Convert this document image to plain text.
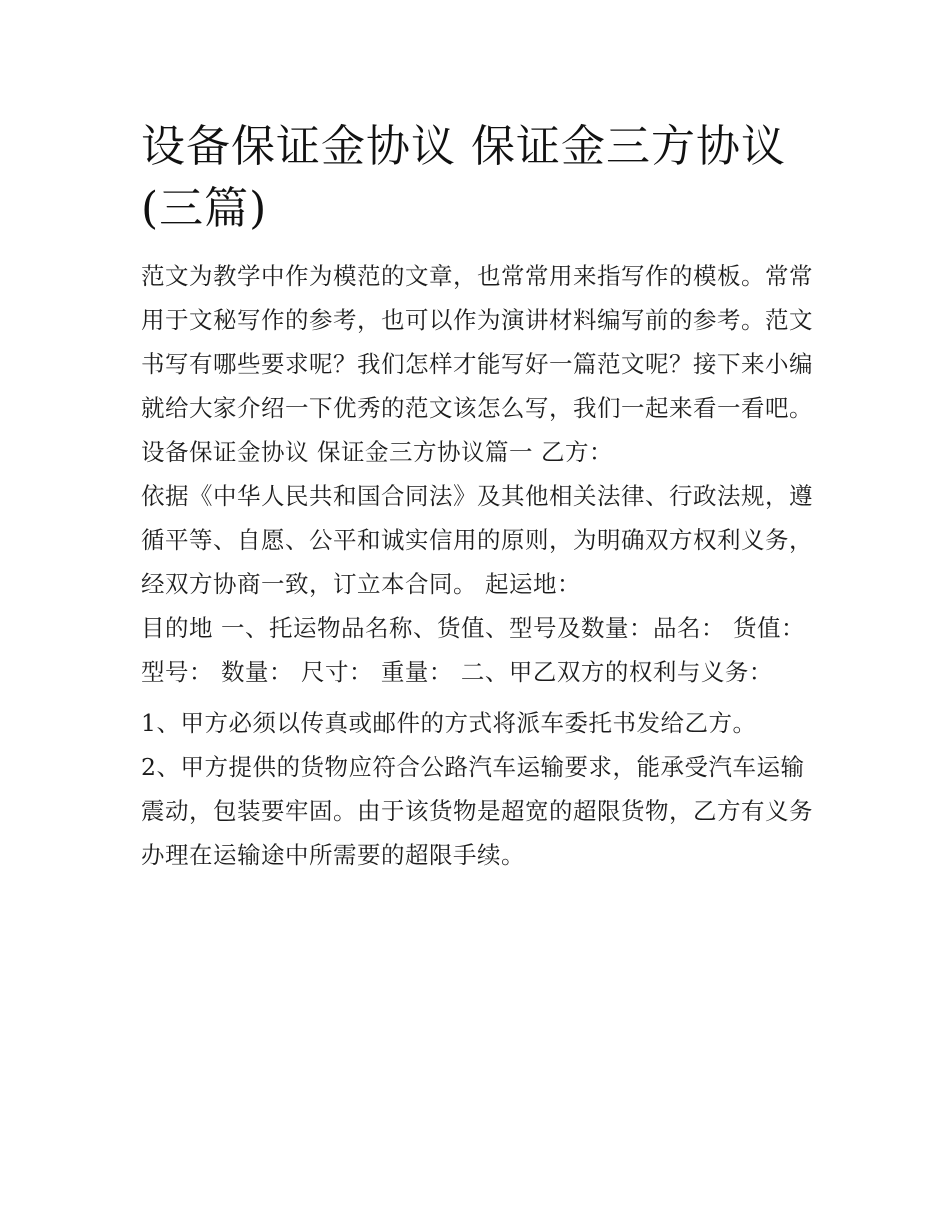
设备保证金协议 保证金三方协议(三篇)

范文为教学中作为模范的文章，也常常用来指写作的模板。常常用于文秘写作的参考，也可以作为演讲材料编写前的参考。范文书写有哪些要求呢？我们怎样才能写好一篇范文呢？接下来小编就给大家介绍一下优秀的范文该怎么写，我们一起来看一看吧。

设备保证金协议 保证金三方协议篇一 乙方：

依据《中华人民共和国合同法》及其他相关法律、行政法规，遵循平等、自愿、公平和诚实信用的原则，为明确双方权利义务，经双方协商一致，订立本合同。 起运地：

目的地 一、托运物品名称、货值、型号及数量：品名： 货值： 型号： 数量： 尺寸： 重量： 二、甲乙双方的权利与义务：

1、甲方必须以传真或邮件的方式将派车委托书发给乙方。

2、甲方提供的货物应符合公路汽车运输要求，能承受汽车运输震动，包装要牢固。由于该货物是超宽的超限货物，乙方有义务办理在运输途中所需要的超限手续。
